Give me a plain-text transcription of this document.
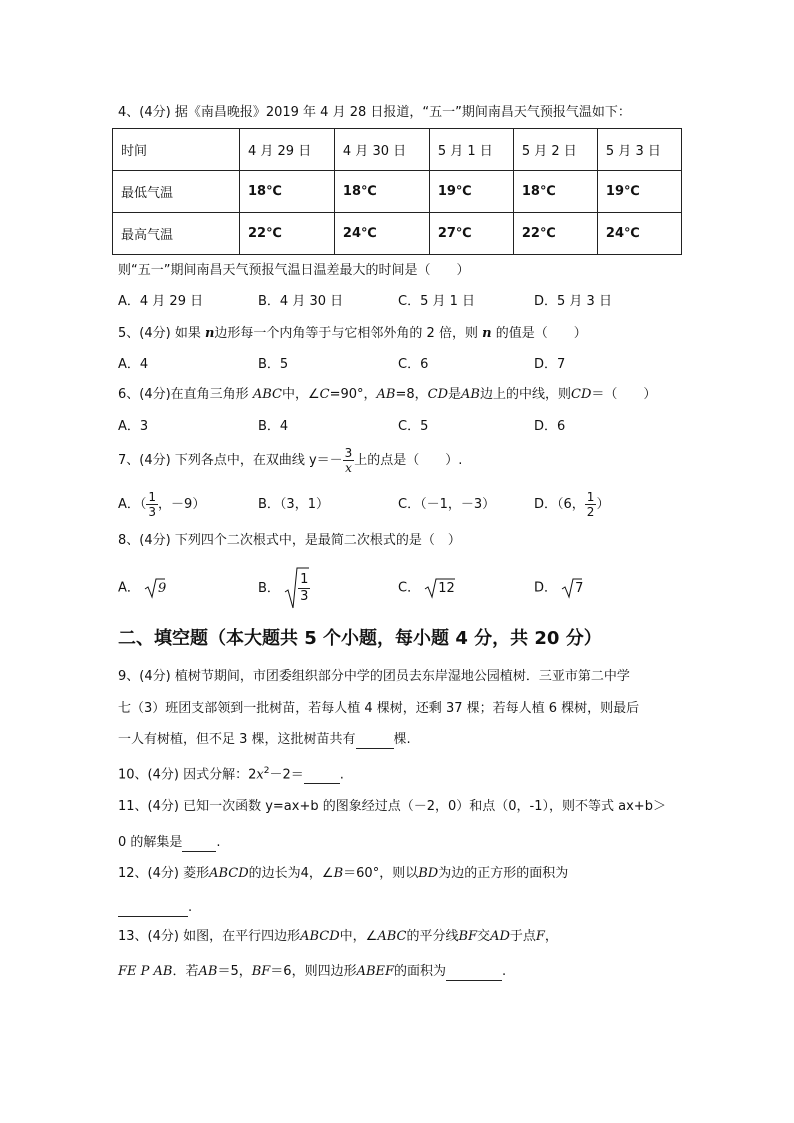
4、(4分) 据《南昌晚报》2019 年 4 月 28 日报道，“五一”期间南昌天气预报气温如下：
时间	4 月 29 日	4 月 30 日	5 月 1 日	5 月 2 日	5 月 3 日
最低气温	18℃	18℃	19℃	18℃	19℃
最高气温	22℃	24℃	27℃	22℃	24℃
则“五一”期间南昌天气预报气温日温差最大的时间是（　　）
A．4 月 29 日	B．4 月 30 日	C．5 月 1 日	D．5 月 3 日
5、(4分) 如果 n边形每一个内角等于与它相邻外角的 2 倍，则 n 的值是（　　）
A．4	B．5	C．6	D．7
6、(4分)在直角三角形 ABC中，∠C=90°，AB=8，CD是AB边上的中线，则CD＝（　　）
A．3	B．4	C．5	D．6
7、(4分) 下列各点中，在双曲线 $y=- \frac{3}{x}$ 上的点是（　　）.
A．（ $\frac{1}{3}$ ，－9）	B．（3，1）	C．（－1，－3）	D．（6， $\frac{1}{2}$ ）
8、(4分) 下列四个二次根式中，是最简二次根式的是（　）
A． 9	B． $\frac{1}{3}$	C． 12	D． 7
二、填空题（本大题共 5 个小题，每小题 4 分，共 20 分）
9、(4分) 植树节期间，市团委组织部分中学的团员去东岸湿地公园植树．三亚市第二中学
七（3）班团支部领到一批树苗，若每人植 4 棵树，还剩 37 棵；若每人植 6 棵树，则最后
一人有树植，但不足 3 棵，这批树苗共有	棵.
10、(4分) 因式分解：$2x^2-2=$	.
11、(4分) 已知一次函数 y=ax+b 的图象经过点（－2，0）和点（0，-1），则不等式 ax+b＞
0 的解集是	.
12、(4分) 菱形ABCD的边长为4，∠B＝60°，则以BD为边的正方形的面积为
.
13、(4分) 如图，在平行四边形ABCD中，∠ABC的平分线BF交AD于点F，
FE P AB．若AB＝5，BF＝6，则四边形ABEF的面积为	.
